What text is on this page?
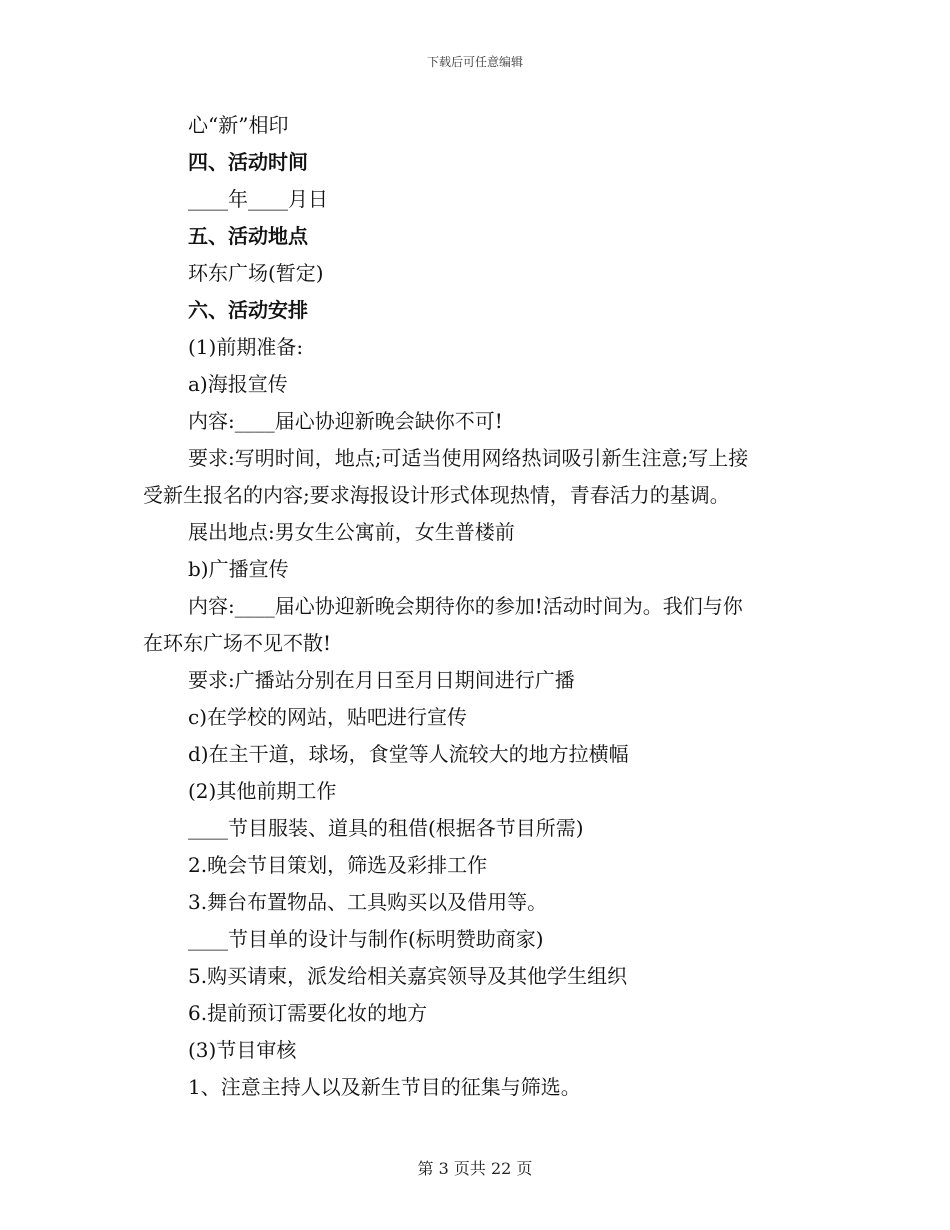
下载后可任意编辑
心“新”相印
四、活动时间
____年____月日
五、活动地点
环东广场(暂定)
六、活动安排
(1)前期准备:
a)海报宣传
内容:____届心协迎新晚会缺你不可!
要求:写明时间，地点;可适当使用网络热词吸引新生注意;写上接
受新生报名的内容;要求海报设计形式体现热情，青春活力的基调。
展出地点:男女生公寓前，女生普楼前
b)广播宣传
内容:____届心协迎新晚会期待你的参加!活动时间为。我们与你
在环东广场不见不散!
要求:广播站分别在月日至月日期间进行广播
c)在学校的网站，贴吧进行宣传
d)在主干道，球场，食堂等人流较大的地方拉横幅
(2)其他前期工作
____节目服装、道具的租借(根据各节目所需)
2.晚会节目策划，筛选及彩排工作
3.舞台布置物品、工具购买以及借用等。
____节目单的设计与制作(标明赞助商家)
5.购买请柬，派发给相关嘉宾领导及其他学生组织
6.提前预订需要化妆的地方
(3)节目审核
1、注意主持人以及新生节目的征集与筛选。
第 3 页共 22 页
